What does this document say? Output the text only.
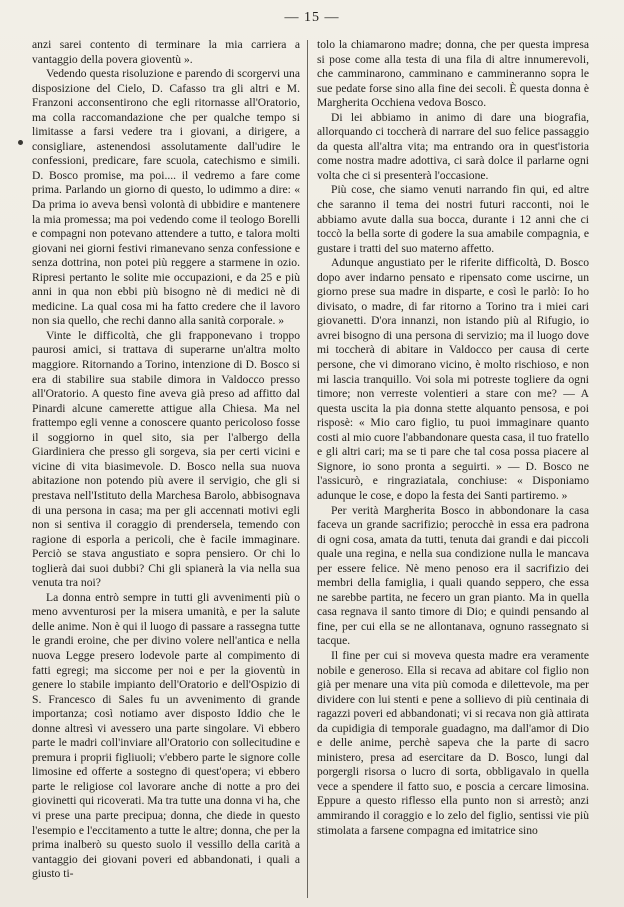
— 15 —

anzi sarei contento di terminare la mia carriera a vantaggio della povera gioventù ».

Vedendo questa risoluzione e parendo di scorgervi una disposizione del Cielo, D. Cafasso tra gli altri e M. Franzoni acconsentirono che egli ritornasse all'Oratorio, ma colla raccomandazione che per qualche tempo si limitasse a farsi vedere tra i giovani, a dirigere, a consigliare, astenendosi assolutamente dall'udire le confessioni, predicare, fare scuola, catechismo e simili. D. Bosco promise, ma poi.... il vedremo a fare come prima. Parlando un giorno di questo, lo udimmo a dire: « Da prima io aveva bensì volontà di ubbidire e mantenere la mia promessa; ma poi vedendo come il teologo Borelli e compagni non potevano attendere a tutto, e talora molti giovani nei giorni festivi rimanevano senza confessione e senza dottrina, non potei più reggere a starmene in ozio. Ripresi pertanto le solite mie occupazioni, e da 25 e più anni in qua non ebbi più bisogno nè di medici nè di medicine. La qual cosa mi ha fatto credere che il lavoro non sia quello, che rechi danno alla sanità corporale. »

Vinte le difficoltà, che gli frapponevano i troppo paurosi amici, si trattava di superarne un'altra molto maggiore. Ritornando a Torino, intenzione di D. Bosco si era di stabilire sua stabile dimora in Valdocco presso all'Oratorio. A questo fine aveva già preso ad affitto dal Pinardi alcune camerette attigue alla Chiesa. Ma nel frattempo egli venne a conoscere quanto pericoloso fosse il soggiorno in quel sito, sia per l'albergo della Giardiniera che presso gli sorgeva, sia per certi vicini e vicine di vita biasimevole. D. Bosco nella sua nuova abitazione non potendo più avere il servigio, che gli si prestava nell'Istituto della Marchesa Barolo, abbisognava di una persona in casa; ma per gli accennati motivi egli non si sentiva il coraggio di prendersela, temendo con ragione di esporla a pericoli, che è facile immaginare. Perciò se stava angustiato e sopra pensiero. Or chi lo toglierà dai suoi dubbi? Chi gli spianerà la via nella sua venuta tra noi?

La donna entrò sempre in tutti gli avvenimenti più o meno avventurosi per la misera umanità, e per la salute delle anime. Non è qui il luogo di passare a rassegna tutte le grandi eroine, che per divino volere nell'antica e nella nuova Legge presero lodevole parte al compimento di fatti egregi; ma siccome per noi e per la gioventù in genere lo stabile impianto dell'Oratorio e dell'Ospizio di S. Francesco di Sales fu un avvenimento di grande importanza; così notiamo aver disposto Iddio che le donne altresì vi avessero una parte singolare. Vi ebbero parte le madri coll'inviare all'Oratorio con sollecitudine e premura i proprii figliuoli; v'ebbero parte le signore colle limosine ed offerte a sostegno di quest'opera; vi ebbero parte le religiose col lavorare anche di notte a pro dei giovinetti qui ricoverati. Ma tra tutte una donna vi ha, che vi prese una parte precipua; donna, che diede in questo l'esempio e l'eccitamento a tutte le altre; donna, che per la prima inalberò su questo suolo il vessillo della carità a vantaggio dei giovani poveri ed abbandonati, i quali a giusto ti-

tolo la chiamarono madre; donna, che per questa impresa si pose come alla testa di una fila di altre innumerevoli, che camminarono, camminano e cammineranno sopra le sue pedate forse sino alla fine dei secoli. È questa donna è Margherita Occhiena vedova Bosco.

Di lei abbiamo in animo di dare una biografia, allorquando ci toccherà di narrare del suo felice passaggio da questa all'altra vita; ma entrando ora in quest'istoria come nostra madre adottiva, ci sarà dolce il parlarne ogni volta che ci si presenterà l'occasione.

Più cose, che siamo venuti narrando fin qui, ed altre che saranno il tema dei nostri futuri racconti, noi le abbiamo avute dalla sua bocca, durante i 12 anni che ci toccò la bella sorte di godere la sua amabile compagnia, e gustare i tratti del suo materno affetto.

Adunque angustiato per le riferite difficoltà, D. Bosco dopo aver indarno pensato e ripensato come uscirne, un giorno prese sua madre in disparte, e così le parlò: Io ho divisato, o madre, di far ritorno a Torino tra i miei cari giovanetti. D'ora innanzi, non istando più al Rifugio, io avrei bisogno di una persona di servizio; ma il luogo dove mi toccherà di abitare in Valdocco per causa di certe persone, che vi dimorano vicino, è molto rischioso, e non mi lascia tranquillo. Voi sola mi potreste togliere da ogni timore; non verreste volentieri a stare con me? — A questa uscita la pia donna stette alquanto pensosa, e poi risposè: « Mio caro figlio, tu puoi immaginare quanto costi al mio cuore l'abbandonare questa casa, il tuo fratello e gli altri cari; ma se ti pare che tal cosa possa piacere al Signore, io sono pronta a seguirti. » — D. Bosco ne l'assicurò, e ringraziatala, conchiuse: « Disponiamo adunque le cose, e dopo la festa dei Santi partiremo. »

Per verità Margherita Bosco in abbondonare la casa faceva un grande sacrifizio; perocchè in essa era padrona di ogni cosa, amata da tutti, tenuta dai grandi e dai piccoli quale una regina, e nella sua condizione nulla le mancava per essere felice. Nè meno penoso era il sacrifizio dei membri della famiglia, i quali quando seppero, che essa ne sarebbe partita, ne fecero un gran pianto. Ma in quella casa regnava il santo timore di Dio; e quindi pensando al fine, per cui ella se ne allontanava, ognuno rassegnato si tacque.

Il fine per cui si moveva questa madre era veramente nobile e generoso. Ella si recava ad abitare col figlio non già per menare una vita più comoda e dilettevole, ma per dividere con lui stenti e pene a sollievo di più centinaia di ragazzi poveri ed abbandonati; vi si recava non già attirata da cupidigia di temporale guadagno, ma dall'amor di Dio e delle anime, perchè sapeva che la parte di sacro ministero, presa ad esercitare da D. Bosco, lungi dal porgergli risorsa o lucro di sorta, obbligavalo in quella vece a spendere il fatto suo, e poscia a cercare limosina. Eppure a questo riflesso ella punto non si arrestò; anzi ammirando il coraggio e lo zelo del figlio, sentissi vie più stimolata a farsene compagna ed imitatrice sino
